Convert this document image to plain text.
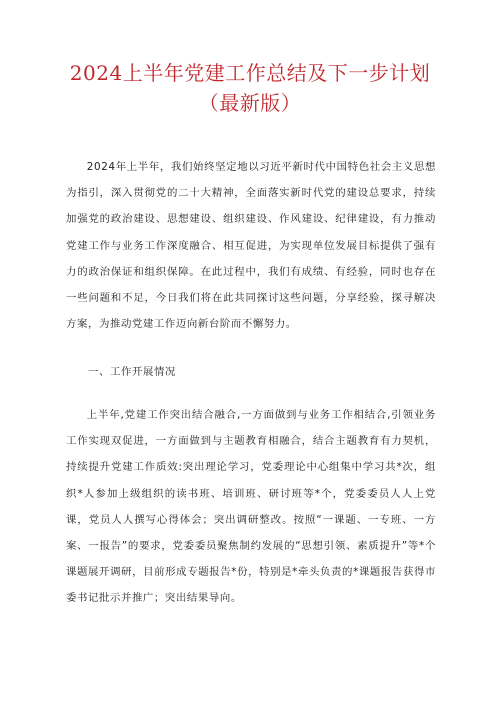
2024上半年党建工作总结及下一步计划（最新版）
2024年上半年，我们始终坚定地以习近平新时代中国特色社会主义思想为指引，深入贯彻党的二十大精神，全面落实新时代党的建设总要求，持续加强党的政治建设、思想建设、组织建设、作风建设、纪律建设，有力推动党建工作与业务工作深度融合、相互促进，为实现单位发展目标提供了强有力的政治保证和组织保障。在此过程中，我们有成绩、有经验，同时也存在一些问题和不足，今日我们将在此共同探讨这些问题，分享经验，探寻解决方案，为推动党建工作迈向新台阶而不懈努力。
一、工作开展情况
上半年,党建工作突出结合融合,一方面做到与业务工作相结合,引领业务工作实现双促进，一方面做到与主题教育相融合，结合主题教育有力契机，持续提升党建工作质效:突出理论学习，党委理论中心组集中学习共*次，组织*人参加上级组织的读书班、培训班、研讨班等*个，党委委员人人上党课，党员人人撰写心得体会；突出调研整改。按照“一课题、一专班、一方案、一报告”的要求，党委委员聚焦制约发展的“思想引领、素质提升”等*个课题展开调研，目前形成专题报告*份，特别是*牵头负责的*课题报告获得市委书记批示并推广；突出结果导向。
